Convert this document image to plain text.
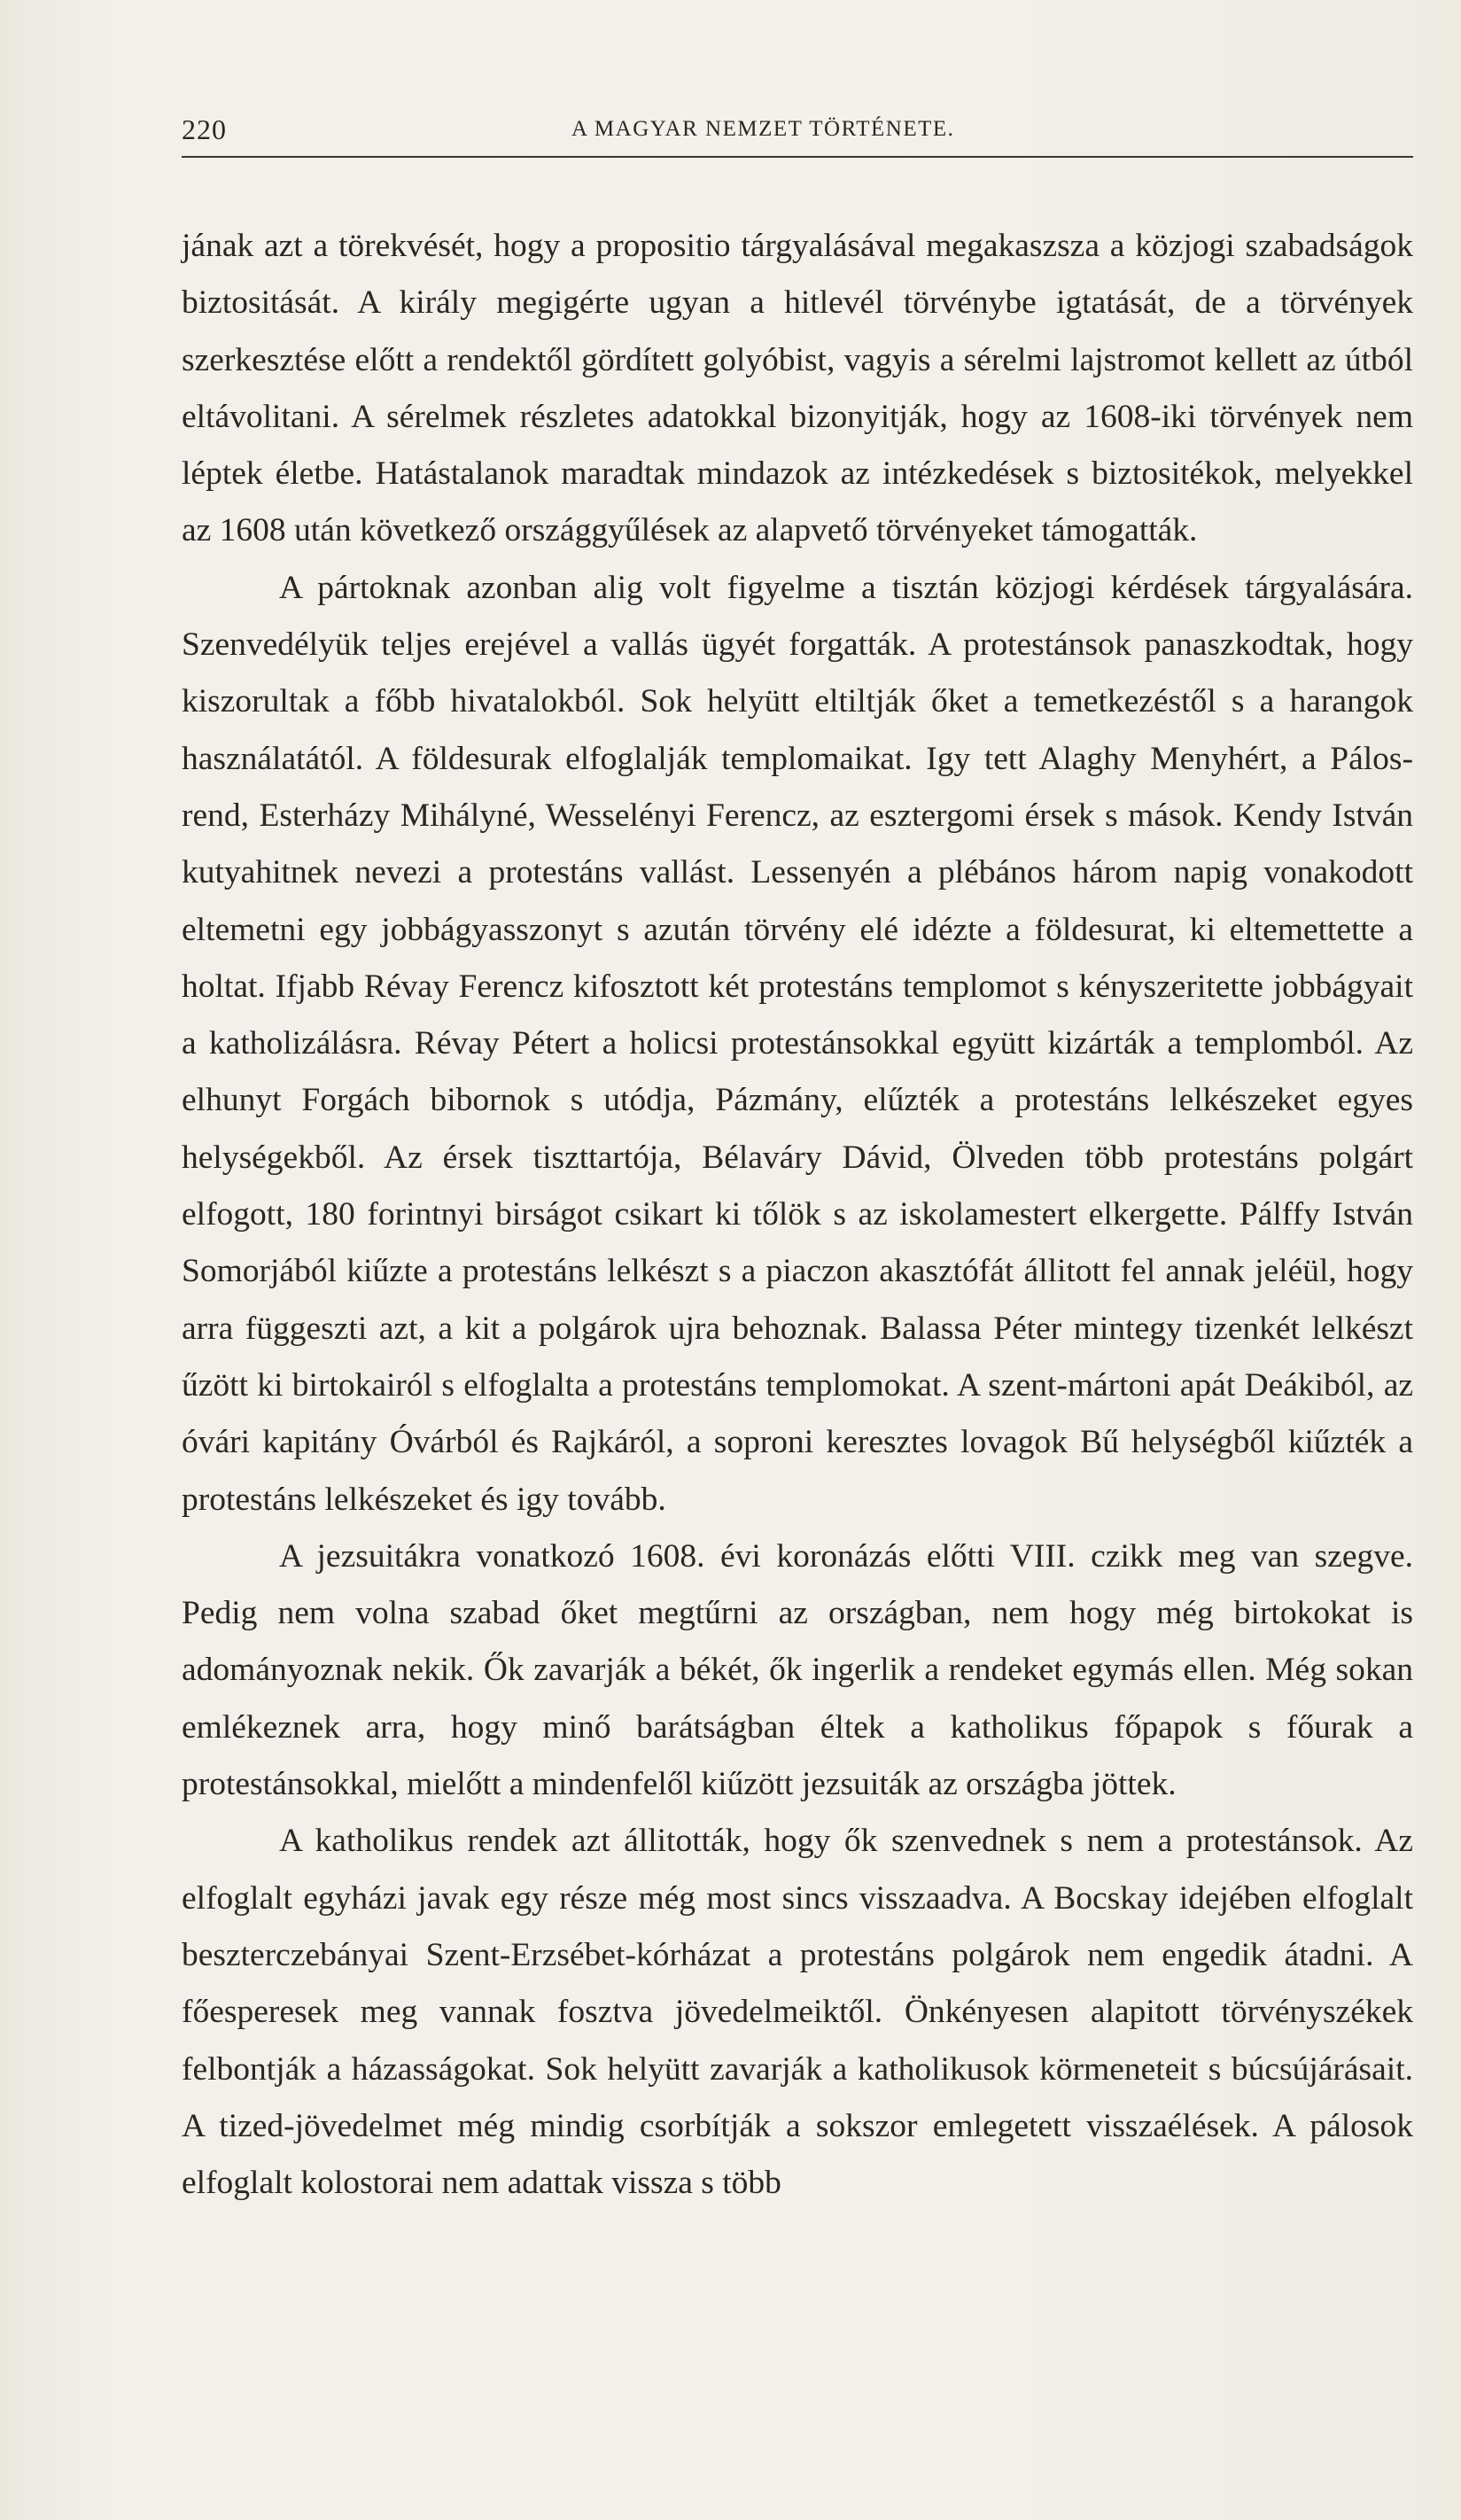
220	A MAGYAR NEMZET TÖRTÉNETE.

jának azt a törekvését, hogy a propositio tárgyalásával megakaszsza a közjogi szabadságok biztositását. A király megigérte ugyan a hitlevél törvénybe igtatását, de a törvények szerkesztése előtt a rendektől gördített golyóbist, vagyis a sérelmi lajstromot kellett az útból eltávolitani. A sérelmek részletes adatokkal bizonyitják, hogy az 1608-iki törvények nem léptek életbe. Hatástalanok maradtak mindazok az intézkedések s biztositékok, melyekkel az 1608 után következő országgyűlések az alapvető törvényeket támogatták.

A pártoknak azonban alig volt figyelme a tisztán közjogi kérdések tárgyalására. Szenvedélyük teljes erejével a vallás ügyét forgatták. A protestánsok panaszkodtak, hogy kiszorultak a főbb hivatalokból. Sok helyütt eltiltják őket a temetkezéstől s a harangok használatától. A földesurak elfoglalják templomaikat. Igy tett Alaghy Menyhért, a Pálos-rend, Esterházy Mihályné, Wesselényi Ferencz, az esztergomi érsek s mások. Kendy István kutyahitnek nevezi a protestáns vallást. Lessenyén a plébános három napig vonakodott eltemetni egy jobbágyasszonyt s azután törvény elé idézte a földesurat, ki eltemettette a holtat. Ifjabb Révay Ferencz kifosztott két protestáns templomot s kényszeritette jobbágyait a katholizálásra. Révay Pétert a holicsi protestánsokkal együtt kizárták a templomból. Az elhunyt Forgách bibornok s utódja, Pázmány, elűzték a protestáns lelkészeket egyes helységekből. Az érsek tiszttartója, Bélaváry Dávid, Ölveden több protestáns polgárt elfogott, 180 forintnyi birságot csikart ki tőlök s az iskolamestert elkergette. Pálffy István Somorjából kiűzte a protestáns lelkészt s a piaczon akasztófát állitott fel annak jeléül, hogy arra függeszti azt, a kit a polgárok ujra behoznak. Balassa Péter mintegy tizenkét lelkészt űzött ki birtokairól s elfoglalta a protestáns templomokat. A szent-mártoni apát Deákiból, az óvári kapitány Óvárból és Rajkáról, a soproni keresztes lovagok Bű helységből kiűzték a protestáns lelkészeket és igy tovább.

A jezsuitákra vonatkozó 1608. évi koronázás előtti VIII. czikk meg van szegve. Pedig nem volna szabad őket megtűrni az országban, nem hogy még birtokokat is adományoznak nekik. Ők zavarják a békét, ők ingerlik a rendeket egymás ellen. Még sokan emlékeznek arra, hogy minő barátságban éltek a katholikus főpapok s főurak a protestánsokkal, mielőtt a mindenfelől kiűzött jezsuiták az országba jöttek.

A katholikus rendek azt állitották, hogy ők szenvednek s nem a protestánsok. Az elfoglalt egyházi javak egy része még most sincs visszaadva. A Bocskay idejében elfoglalt beszterczebányai Szent-Erzsébet-kórházat a protestáns polgárok nem engedik átadni. A főesperesek meg vannak fosztva jövedelmeiktől. Önkényesen alapitott törvényszékek felbontják a házasságokat. Sok helyütt zavarják a katholikusok körmeneteit s búcsújárásait. A tized-jövedelmet még mindig csorbítják a sokszor emlegetett visszaélések. A pálosok elfoglalt kolostorai nem adattak vissza s több
